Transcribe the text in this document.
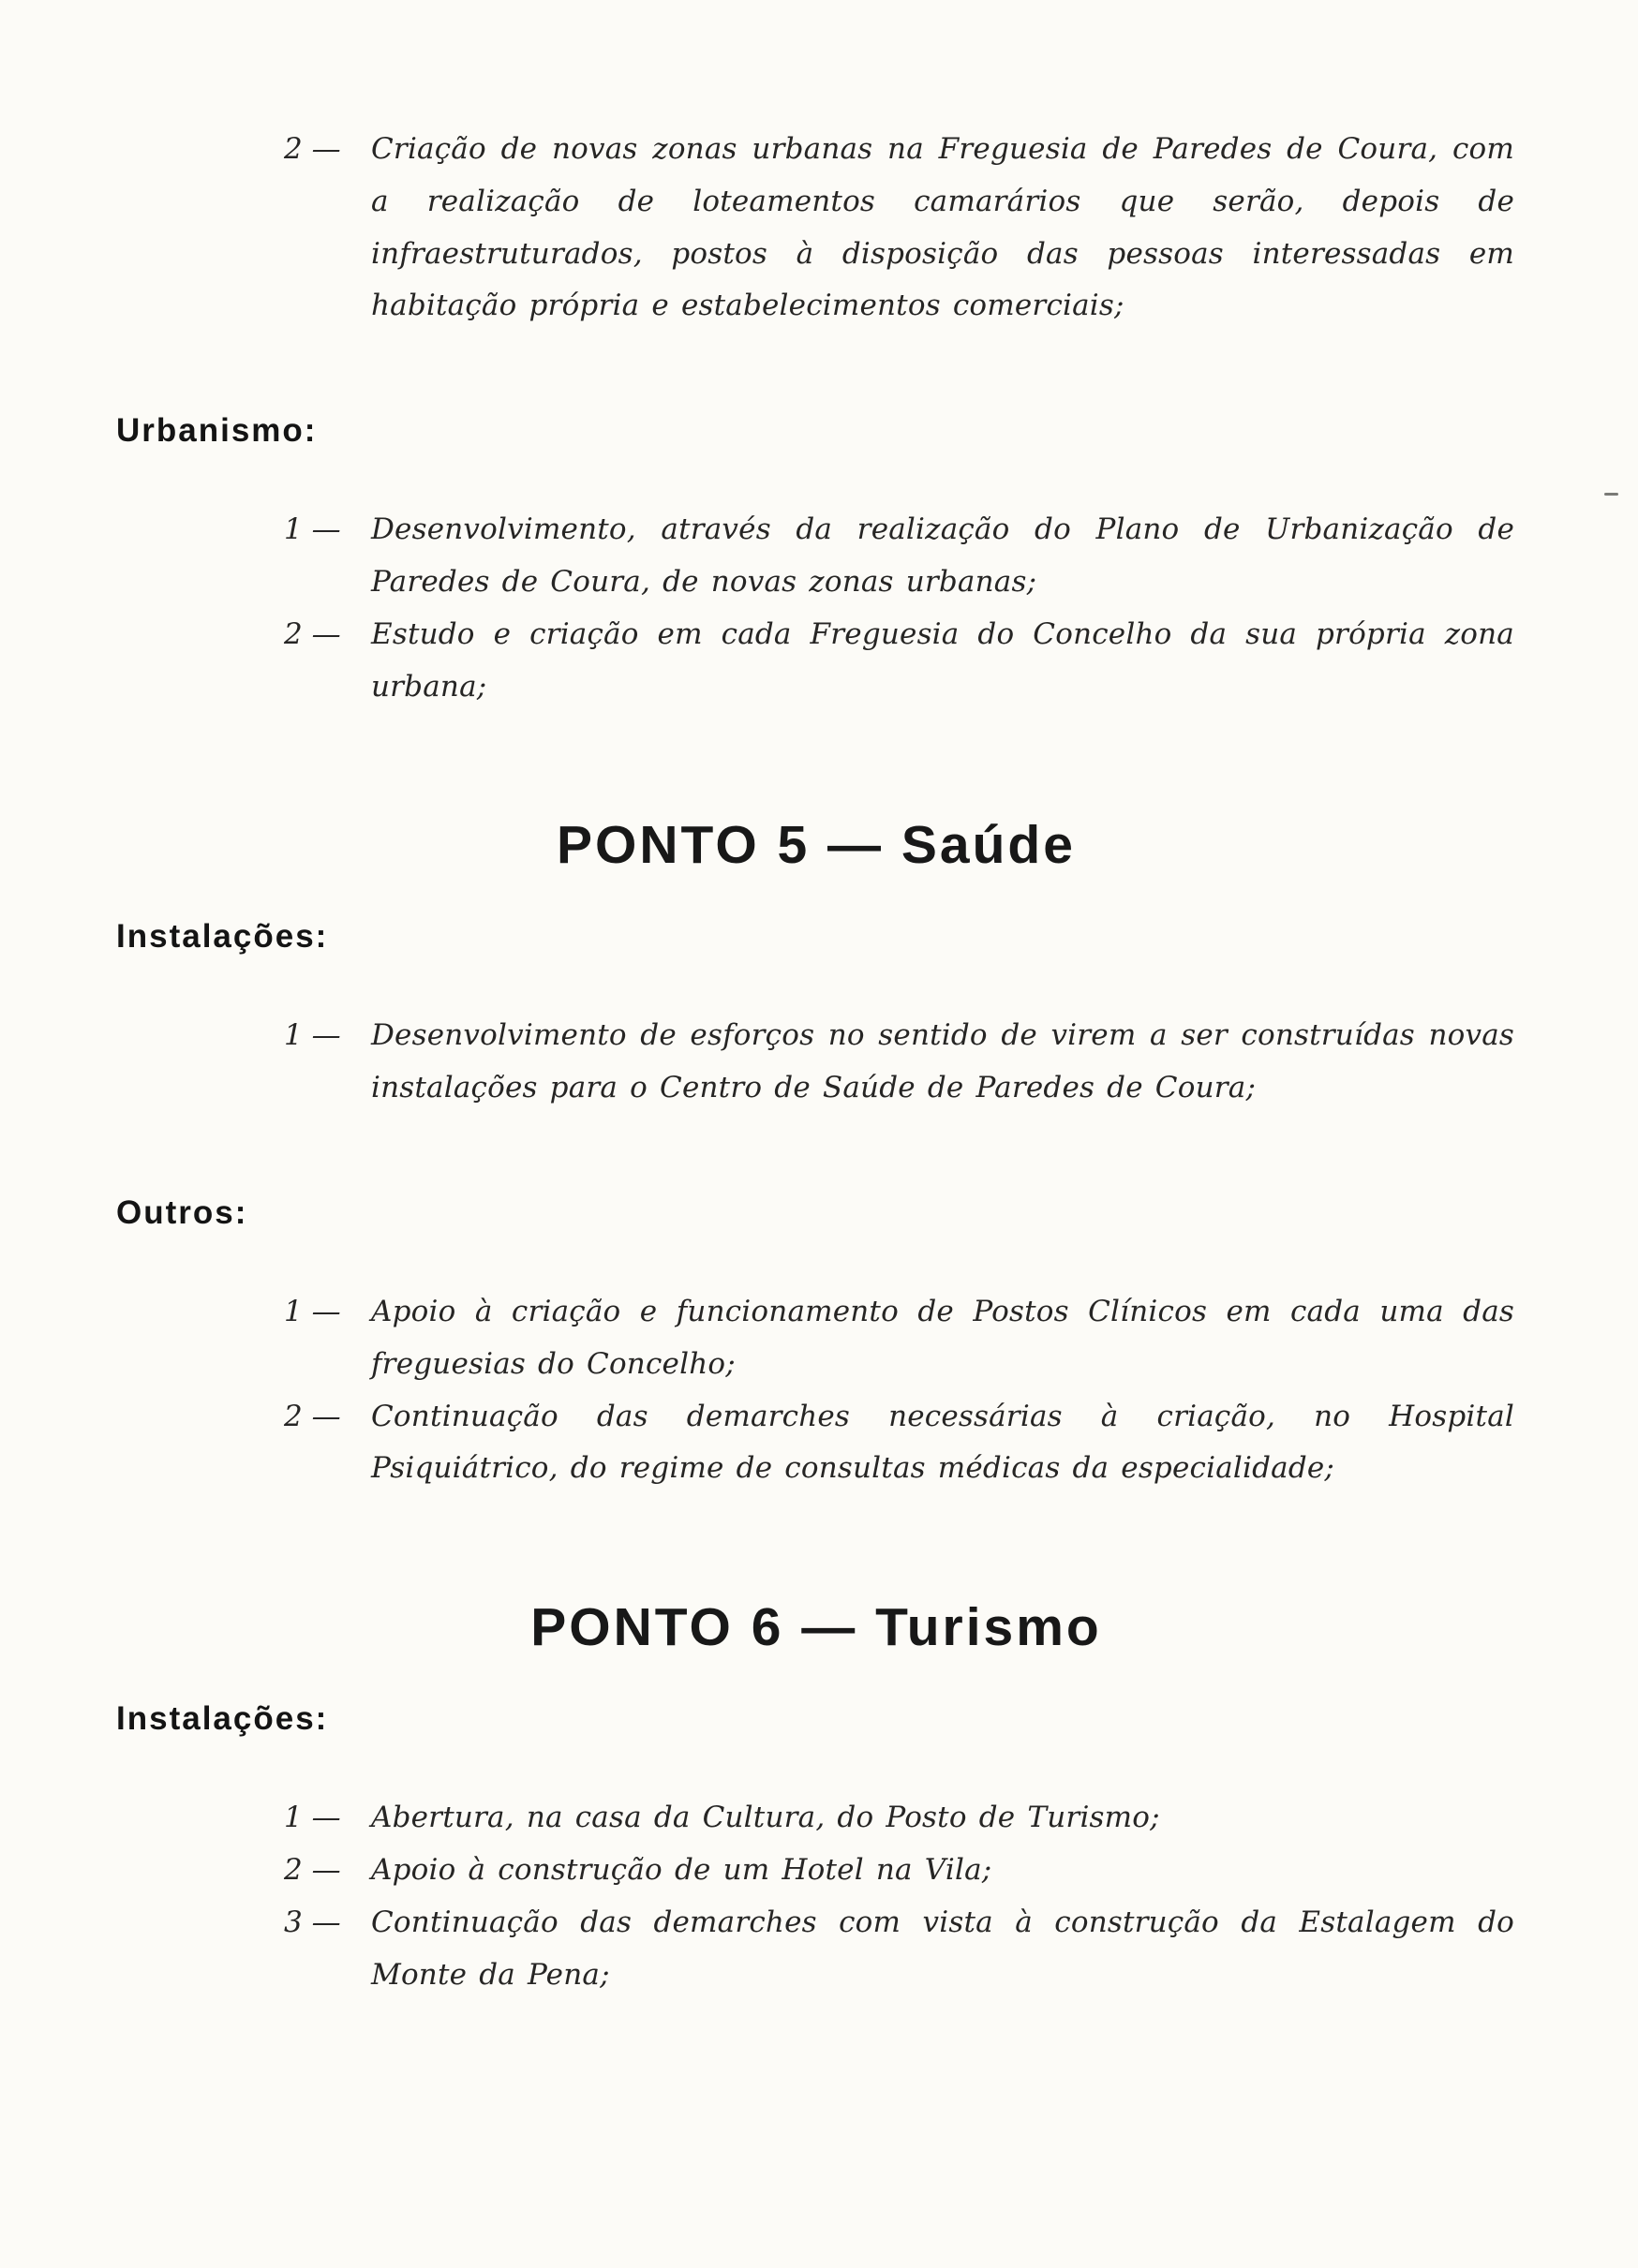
2 —	Criação de novas zonas urbanas na Freguesia de Paredes de Coura, com a realização de loteamentos camarários que serão, depois de infraestruturados, postos à disposição das pessoas interessadas em habitação própria e estabelecimentos comerciais;
Urbanismo:
1 —	Desenvolvimento, através da realização do Plano de Urbanização de Paredes de Coura, de novas zonas urbanas;
2 —	Estudo e criação em cada Freguesia do Concelho da sua própria zona urbana;
PONTO 5 — Saúde
Instalações:
1 —	Desenvolvimento de esforços no sentido de virem a ser construídas novas instalações para o Centro de Saúde de Paredes de Coura;
Outros:
1 —	Apoio à criação e funcionamento de Postos Clínicos em cada uma das freguesias do Concelho;
2 —	Continuação das demarches necessárias à criação, no Hospital Psiquiátrico, do regime de consultas médicas da especialidade;
PONTO 6 — Turismo
Instalações:
1 —	Abertura, na casa da Cultura, do Posto de Turismo;
2 —	Apoio à construção de um Hotel na Vila;
3 —	Continuação das demarches com vista à construção da Estalagem do Monte da Pena;
